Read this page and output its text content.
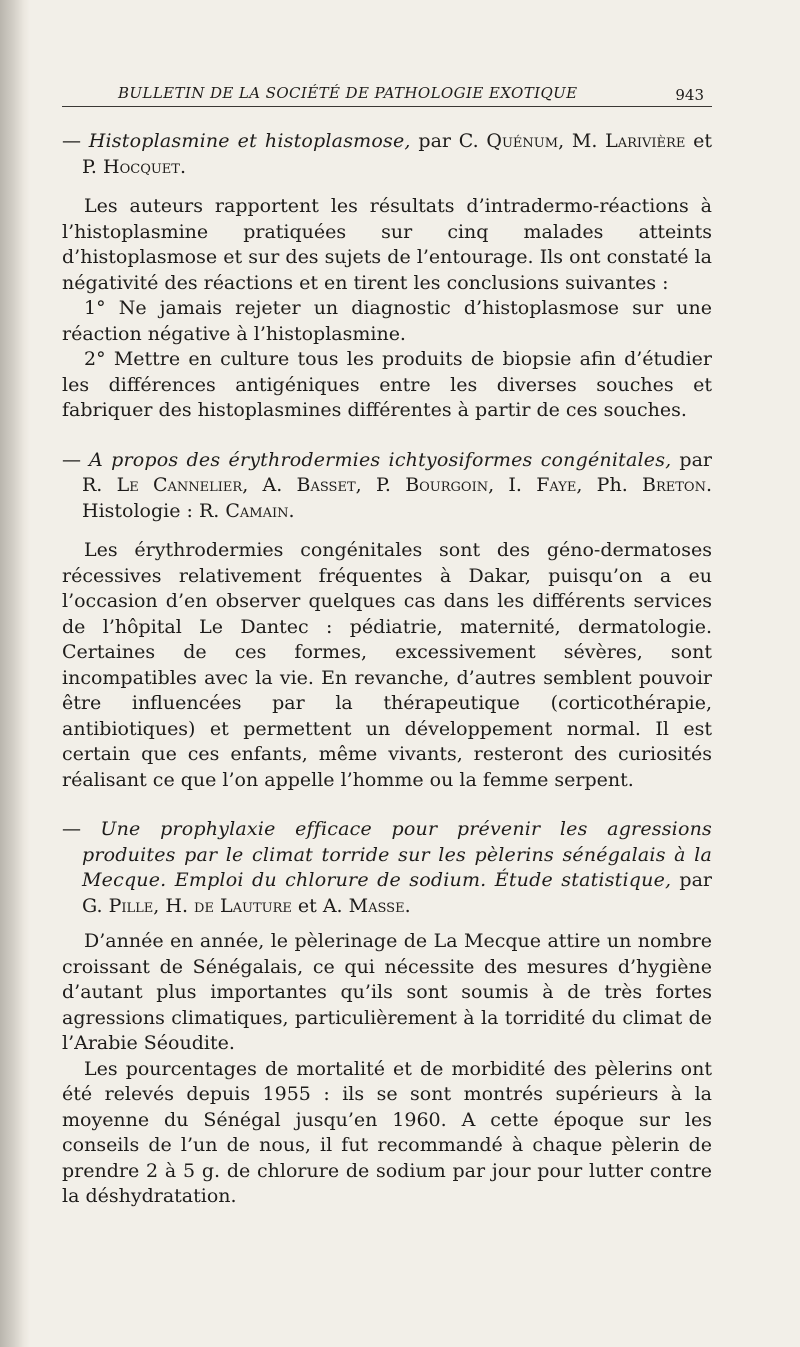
BULLETIN DE LA SOCIÉTÉ DE PATHOLOGIE EXOTIQUE	943

— Histoplasmine et histoplasmose, par C. Quénum, M. Larivière et P. Hocquet.

Les auteurs rapportent les résultats d’intradermo-réactions à l’histoplasmine pratiquées sur cinq malades atteints d’histoplasmose et sur des sujets de l’entourage. Ils ont constaté la négativité des réactions et en tirent les conclusions suivantes :

1° Ne jamais rejeter un diagnostic d’histoplasmose sur une réaction négative à l’histoplasmine.

2° Mettre en culture tous les produits de biopsie afin d’étudier les différences antigéniques entre les diverses souches et fabriquer des histoplasmines différentes à partir de ces souches.

— A propos des érythrodermies ichtyosiformes congénitales, par R. Le Cannelier, A. Basset, P. Bourgoin, I. Faye, Ph. Breton. Histologie : R. Camain.

Les érythrodermies congénitales sont des géno-dermatoses récessives relativement fréquentes à Dakar, puisqu’on a eu l’occasion d’en observer quelques cas dans les différents services de l’hôpital Le Dantec : pédiatrie, maternité, dermatologie. Certaines de ces formes, excessivement sévères, sont incompatibles avec la vie. En revanche, d’autres semblent pouvoir être influencées par la thérapeutique (corticothérapie, antibiotiques) et permettent un développement normal. Il est certain que ces enfants, même vivants, resteront des curiosités réalisant ce que l’on appelle l’homme ou la femme serpent.

— Une prophylaxie efficace pour prévenir les agressions produites par le climat torride sur les pèlerins sénégalais à la Mecque. Emploi du chlorure de sodium. Étude statistique, par G. Pille, H. de Lauture et A. Masse.

D’année en année, le pèlerinage de La Mecque attire un nombre croissant de Sénégalais, ce qui nécessite des mesures d’hygiène d’autant plus importantes qu’ils sont soumis à de très fortes agressions climatiques, particulièrement à la torridité du climat de l’Arabie Séoudite.

Les pourcentages de mortalité et de morbidité des pèlerins ont été relevés depuis 1955 : ils se sont montrés supérieurs à la moyenne du Sénégal jusqu’en 1960. A cette époque sur les conseils de l’un de nous, il fut recommandé à chaque pèlerin de prendre 2 à 5 g. de chlorure de sodium par jour pour lutter contre la déshydratation.
